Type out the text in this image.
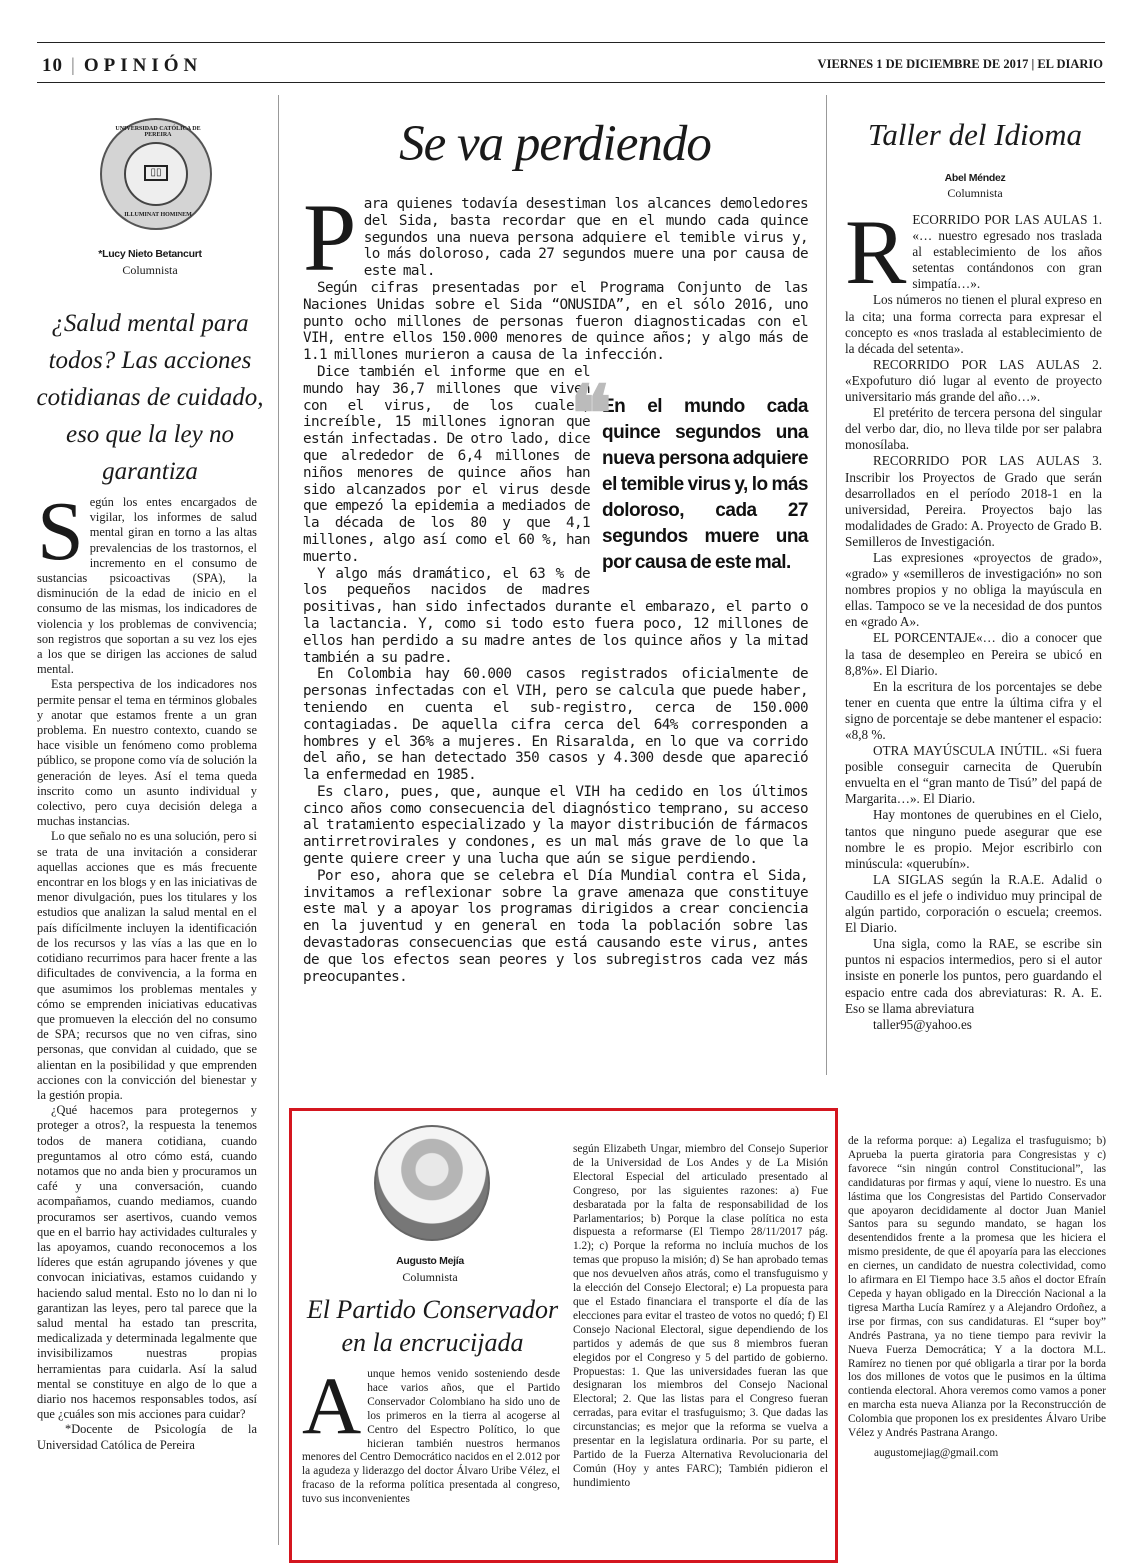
10 | OPINIÓN	VIERNES 1 DE DICIEMBRE DE 2017 | EL DIARIO
UNIVERSIDAD CATÓLICA DE PEREIRA
▯▯
ILLUMINAT HOMINEM
*Lucy Nieto Betancurt
Columnista
¿Salud mental para todos? Las acciones cotidianas de cuidado, eso que la ley no garantiza
S egún los entes encargados de vigilar, los informes de salud mental giran en torno a las altas prevalencias de los trastornos, el incremento en el consumo de sustancias psicoactivas (SPA), la disminución de la edad de inicio en el consumo de las mismas, los indicadores de violencia y los problemas de convivencia; son registros que soportan a su vez los ejes a los que se dirigen las acciones de salud mental.

Esta perspectiva de los indicadores nos permite pensar el tema en términos globales y anotar que estamos frente a un gran problema. En nuestro contexto, cuando se hace visible un fenómeno como problema público, se propone como vía de solución la generación de leyes. Así el tema queda inscrito como un asunto individual y colectivo, pero cuya decisión delega a muchas instancias.

Lo que señalo no es una solución, pero si se trata de una invitación a considerar aquellas acciones que es más frecuente encontrar en los blogs y en las iniciativas de menor divulgación, pues los titulares y los estudios que analizan la salud mental en el país difícilmente incluyen la identificación de los recursos y las vías a las que en lo cotidiano recurrimos para hacer frente a las dificultades de convivencia, a la forma en que asumimos los problemas mentales y cómo se emprenden iniciativas educativas que promueven la elección del no consumo de SPA; recursos que no ven cifras, sino personas, que convidan al cuidado, que se alientan en la posibilidad y que emprenden acciones con la convicción del bienestar y la gestión propia.

¿Qué hacemos para protegernos y proteger a otros?, la respuesta la tenemos todos de manera cotidiana, cuando preguntamos al otro cómo está, cuando notamos que no anda bien y procuramos un café y una conversación, cuando acompañamos, cuando mediamos, cuando procuramos ser asertivos, cuando vemos que en el barrio hay actividades culturales y las apoyamos, cuando reconocemos a los líderes que están agrupando jóvenes y que convocan iniciativas, estamos cuidando y haciendo salud mental. Esto no lo dan ni lo garantizan las leyes, pero tal parece que la salud mental ha estado tan prescrita, medicalizada y determinada legalmente que invisibilizamos nuestras propias herramientas para cuidarla. Así la salud mental se constituye en algo de lo que a diario nos hacemos responsables todos, así que ¿cuáles son mis acciones para cuidar?

*Docente de Psicología de la Universidad Católica de Pereira

Se va perdiendo
P ara quienes todavía desestiman los alcances demoledores del Sida, basta recordar que en el mundo cada quince segundos una nueva persona adquiere el temible virus y, lo más doloroso, cada 27 segundos muere una por causa de este mal.

Según cifras presentadas por el Programa Conjunto de las Naciones Unidas sobre el Sida “ONUSIDA”, en el sólo 2016, uno punto ocho millones de personas fueron diagnosticadas con el VIH, entre ellos 150.000 menores de quince años; y algo más de 1.1 millones murieron a causa de la infección.

❝
En el mundo cada quince segundos una nueva persona adquiere el temible virus y, lo más doloroso, cada 27 segundos muere una por causa de este mal.

Dice también el informe que en el mundo hay 36,7 millones que viven con el virus, de los cuales, increíble, 15 millones ignoran que están infectadas. De otro lado, dice que alrededor de 6,4 millones de niños menores de quince años han sido alcanzados por el virus desde que empezó la epidemia a mediados de la década de los 80 y que 4,1 millones, algo así como el 60 %, han muerto.

Y algo más dramático, el 63 % de los pequeños nacidos de madres positivas, han sido infectados durante el embarazo, el parto o la lactancia. Y, como si todo esto fuera poco, 12 millones de ellos han perdido a su madre antes de los quince años y la mitad también a su padre.

En Colombia hay 60.000 casos registrados oficialmente de personas infectadas con el VIH, pero se calcula que puede haber, teniendo en cuenta el sub-registro, cerca de 150.000 contagiadas. De aquella cifra cerca del 64% corresponden a hombres y el 36% a mujeres. En Risaralda, en lo que va corrido del año, se han detectado 350 casos y 4.300 desde que apareció la enfermedad en 1985.

Es claro, pues, que, aunque el VIH ha cedido en los últimos cinco años como consecuencia del diagnóstico temprano, su acceso al tratamiento especializado y la mayor distribución de fármacos antirretrovirales y condones, es un mal más grave de lo que la gente quiere creer y una lucha que aún se sigue perdiendo.

Por eso, ahora que se celebra el Día Mundial contra el Sida, invitamos a reflexionar sobre la grave amenaza que constituye este mal y a apoyar los programas dirigidos a crear conciencia en la juventud y en general en toda la población sobre las devastadoras consecuencias que está causando este virus, antes de que los efectos sean peores y los subregistros cada vez más preocupantes.

Taller del Idioma
Abel Méndez
Columnista
R ECORRIDO POR LAS AULAS 1. «… nuestro egresado nos traslada al establecimiento de los años setentas contándonos con gran simpatía…».

Los números no tienen el plural expreso en la cita; una forma correcta para expresar el concepto es «nos traslada al establecimiento de la década del setenta».

RECORRIDO POR LAS AULAS 2. «Expofuturo dió lugar al evento de proyecto universitario más grande del año…».

El pretérito de tercera persona del singular del verbo dar, dio, no lleva tilde por ser palabra monosílaba.

RECORRIDO POR LAS AULAS 3. Inscribir los Proyectos de Grado que serán desarrollados en el período 2018-1 en la universidad, Pereira. Proyectos bajo las modalidades de Grado: A. Proyecto de Grado B. Semilleros de Investigación.

Las expresiones «proyectos de grado», «grado» y «semilleros de investigación» no son nombres propios y no obliga la mayúscula en ellas. Tampoco se ve la necesidad de dos puntos en «grado A».

EL PORCENTAJE«… dio a conocer que la tasa de desempleo en Pereira se ubicó en 8,8%». El Diario.

En la escritura de los porcentajes se debe tener en cuenta que entre la última cifra y el signo de porcentaje se debe mantener el espacio: «8,8 %.

OTRA MAYÚSCULA INÚTIL. «Si fuera posible conseguir carnecita de Querubín envuelta en el “gran manto de Tisú” del papá de Margarita…». El Diario.

Hay montones de querubines en el Cielo, tantos que ninguno puede asegurar que ese nombre le es propio. Mejor escribirlo con minúscula: «querubín».

LA SIGLAS según la R.A.E. Adalid o Caudillo es el jefe o individuo muy principal de algún partido, corporación o escuela; creemos. El Diario.

Una sigla, como la RAE, se escribe sin puntos ni espacios intermedios, pero si el autor insiste en ponerle los puntos, pero guardando el espacio entre cada dos abreviaturas: R. A. E. Eso se llama abreviatura

taller95@yahoo.es

Augusto Mejía
Columnista
El Partido Conservador en la encrucijada
A unque hemos venido sosteniendo desde hace varios años, que el Partido Conservador Colombiano ha sido uno de los primeros en la tierra al acogerse al Centro del Espectro Político, lo que hicieran también nuestros hermanos menores del Centro Democrático nacidos en el 2.012 por la agudeza y liderazgo del doctor Álvaro Uribe Vélez, el fracaso de la reforma política presentada al congreso, tuvo sus inconvenientes

según Elizabeth Ungar, miembro del Consejo Superior de la Universidad de Los Andes y de La Misión Electoral Especial del articulado presentado al Congreso, por las siguientes razones: a) Fue desbaratada por la falta de responsabilidad de los Parlamentarios; b) Porque la clase política no esta dispuesta a reformarse (El Tiempo 28/11/2017 pág. 1.2); c) Porque la reforma no incluía muchos de los temas que propuso la misión; d) Se han aprobado temas que nos devuelven años atrás, como el transfuguismo y la elección del Consejo Electoral; e) La propuesta para que el Estado financiara el transporte el día de las elecciones para evitar el trasteo de votos no quedó; f) El Consejo Nacional Electoral, sigue dependiendo de los partidos y además de que sus 8 miembros fueran elegidos por el Congreso y 5 del partido de gobierno. Propuestas: 1. Que las universidades fueran las que designaran los miembros del Consejo Nacional Electoral; 2. Que las listas para el Congreso fueran cerradas, para evitar el trasfuguismo; 3. Que dadas las circunstancias; es mejor que la reforma se vuelva a presentar en la legislatura ordinaria. Por su parte, el Partido de la Fuerza Alternativa Revolucionaria del Común (Hoy y antes FARC); También pidieron el hundimiento

de la reforma porque: a) Legaliza el trasfuguismo; b) Aprueba la puerta giratoria para Congresistas y c) favorece “sin ningún control Constitucional”, las candidaturas por firmas y aquí, viene lo nuestro. Es una lástima que los Congresistas del Partido Conservador que apoyaron decididamente al doctor Juan Maniel Santos para su segundo mandato, se hagan los desentendidos frente a la promesa que les hiciera el mismo presidente, de que él apoyaría para las elecciones en ciernes, un candidato de nuestra colectividad, como lo afirmara en El Tiempo hace 3.5 años el doctor Efraín Cepeda y hayan obligado en la Dirección Nacional a la tigresa Martha Lucía Ramírez y a Alejandro Ordoñez, a irse por firmas, con sus candidaturas. El “super boy” Andrés Pastrana, ya no tiene tiempo para revivir la Nueva Fuerza Democrática; Y a la doctora M.L. Ramírez no tienen por qué obligarla a tirar por la borda los dos millones de votos que le pusimos en la última contienda electoral. Ahora veremos como vamos a poner en marcha esta nueva Alianza por la Reconstrucción de Colombia que proponen los ex presidentes Álvaro Uribe Vélez y Andrés Pastrana Arango.

augustomejiag@gmail.com
